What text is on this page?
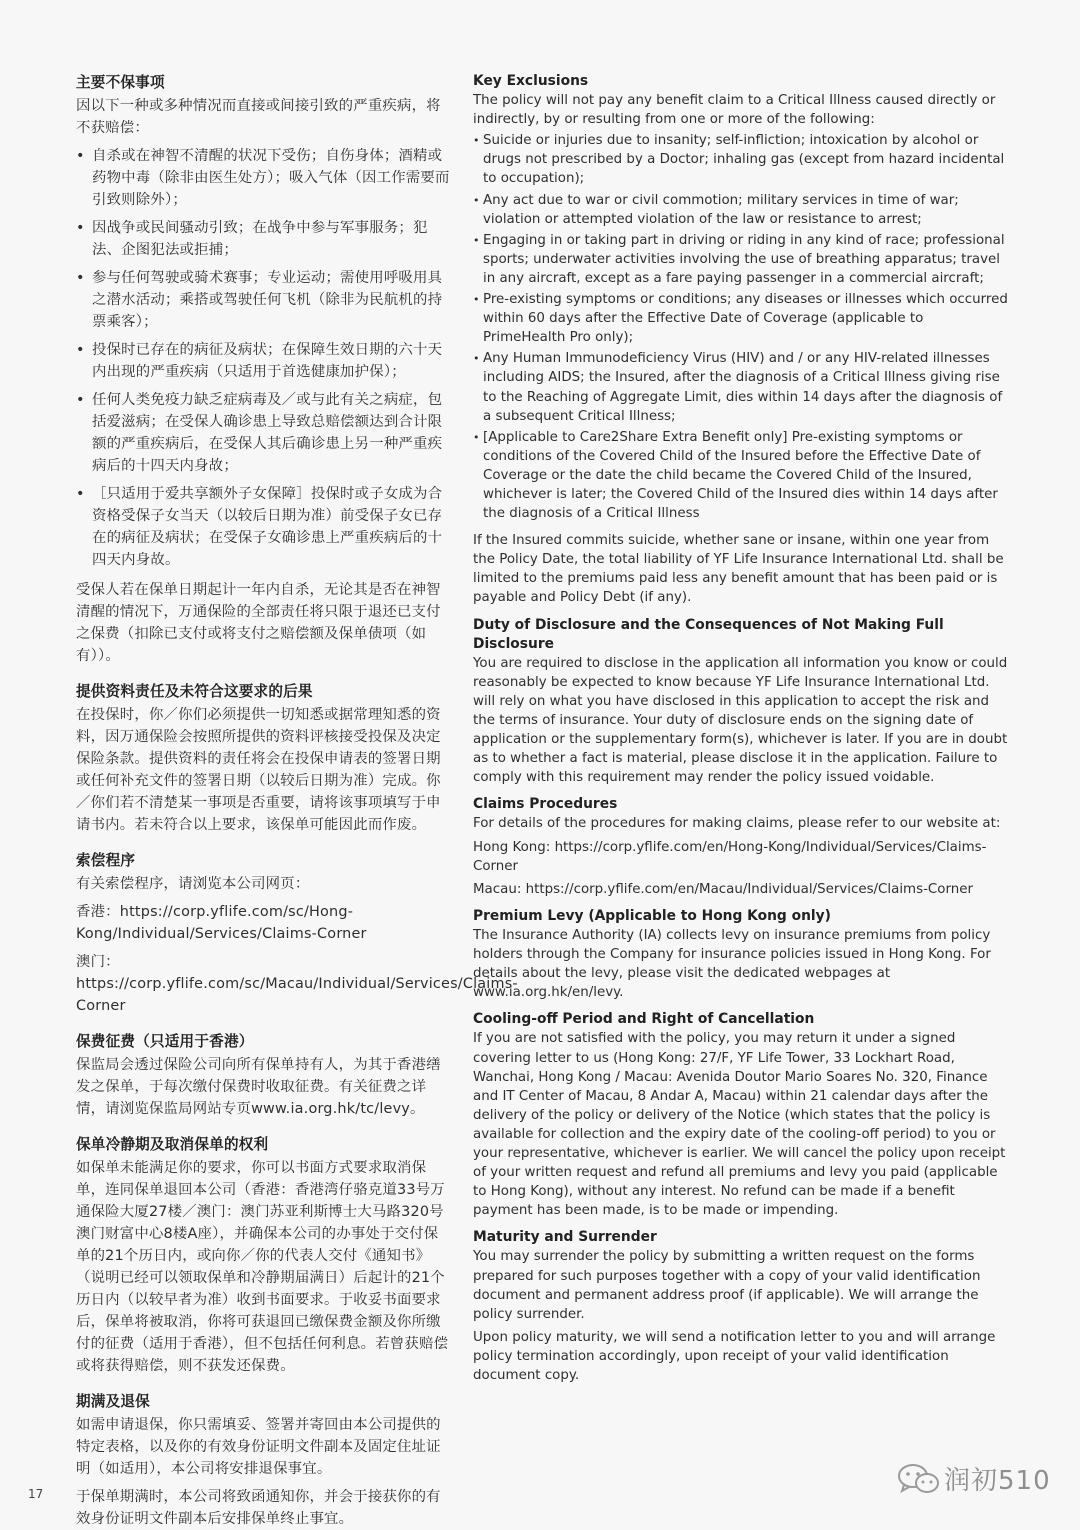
主要不保事项

因以下一种或多种情况而直接或间接引致的严重疾病，将不获赔偿：

• 自杀或在神智不清醒的状况下受伤；自伤身体；酒精或药物中毒（除非由医生处方）；吸入气体（因工作需要而引致则除外）；
• 因战争或民间骚动引致；在战争中参与军事服务；犯法、企图犯法或拒捕；
• 参与任何驾驶或骑术赛事；专业运动；需使用呼吸用具之潜水活动；乘搭或驾驶任何飞机（除非为民航机的持票乘客）；
• 投保时已存在的病征及病状；在保障生效日期的六十天内出现的严重疾病（只适用于首选健康加护保）；
• 任何人类免疫力缺乏症病毒及／或与此有关之病症，包括爱滋病；在受保人确诊患上导致总赔偿额达到合计限额的严重疾病后，在受保人其后确诊患上另一种严重疾病后的十四天内身故；
• ［只适用于爱共享额外子女保障］投保时或子女成为合资格受保子女当天（以较后日期为准）前受保子女已存在的病征及病状；在受保子女确诊患上严重疾病后的十四天内身故。

受保人若在保单日期起计一年内自杀，无论其是否在神智清醒的情况下，万通保险的全部责任将只限于退还已支付之保费（扣除已支付或将支付之赔偿额及保单债项（如有））。

提供资料责任及未符合这要求的后果

在投保时，你／你们必须提供一切知悉或据常理知悉的资料，因万通保险会按照所提供的资料评核接受投保及决定保险条款。提供资料的责任将会在投保申请表的签署日期或任何补充文件的签署日期（以较后日期为准）完成。你／你们若不清楚某一事项是否重要，请将该事项填写于申请书内。若未符合以上要求，该保单可能因此而作废。

索偿程序

有关索偿程序，请浏览本公司网页：

香港：https://corp.yflife.com/sc/Hong-Kong/Individual/Services/Claims-Corner

澳门：https://corp.yflife.com/sc/Macau/Individual/Services/Claims-Corner

保费征费（只适用于香港）

保监局会透过保险公司向所有保单持有人，为其于香港缮发之保单，于每次缴付保费时收取征费。有关征费之详情，请浏览保监局网站专页www.ia.org.hk/tc/levy。

保单冷静期及取消保单的权利

如保单未能满足你的要求，你可以书面方式要求取消保单，连同保单退回本公司（香港：香港湾仔骆克道33号万通保险大厦27楼／澳门：澳门苏亚利斯博士大马路320号澳门财富中心8楼A座），并确保本公司的办事处于交付保单的21个历日内，或向你／你的代表人交付《通知书》（说明已经可以领取保单和冷静期届满日）后起计的21个历日内（以较早者为准）收到书面要求。于收妥书面要求后，保单将被取消，你将可获退回已缴保费金额及你所缴付的征费（适用于香港），但不包括任何利息。若曾获赔偿或将获得赔偿，则不获发还保费。

期满及退保

如需申请退保，你只需填妥、签署并寄回由本公司提供的特定表格，以及你的有效身份证明文件副本及固定住址证明（如适用），本公司将安排退保事宜。

于保单期满时，本公司将致函通知你，并会于接获你的有效身份证明文件副本后安排保单终止事宜。

Key Exclusions

The policy will not pay any benefit claim to a Critical Illness caused directly or indirectly, by or resulting from one or more of the following:

• Suicide or injuries due to insanity; self-infliction; intoxication by alcohol or drugs not prescribed by a Doctor; inhaling gas (except from hazard incidental to occupation);
• Any act due to war or civil commotion; military services in time of war; violation or attempted violation of the law or resistance to arrest;
• Engaging in or taking part in driving or riding in any kind of race; professional sports; underwater activities involving the use of breathing apparatus; travel in any aircraft, except as a fare paying passenger in a commercial aircraft;
• Pre-existing symptoms or conditions; any diseases or illnesses which occurred within 60 days after the Effective Date of Coverage (applicable to PrimeHealth Pro only);
• Any Human Immunodeficiency Virus (HIV) and / or any HIV-related illnesses including AIDS; the Insured, after the diagnosis of a Critical Illness giving rise to the Reaching of Aggregate Limit, dies within 14 days after the diagnosis of a subsequent Critical Illness;
• [Applicable to Care2Share Extra Benefit only] Pre-existing symptoms or conditions of the Covered Child of the Insured before the Effective Date of Coverage or the date the child became the Covered Child of the Insured, whichever is later; the Covered Child of the Insured dies within 14 days after the diagnosis of a Critical Illness

If the Insured commits suicide, whether sane or insane, within one year from the Policy Date, the total liability of YF Life Insurance International Ltd. shall be limited to the premiums paid less any benefit amount that has been paid or is payable and Policy Debt (if any).

Duty of Disclosure and the Consequences of Not Making Full Disclosure

You are required to disclose in the application all information you know or could reasonably be expected to know because YF Life Insurance International Ltd. will rely on what you have disclosed in this application to accept the risk and the terms of insurance. Your duty of disclosure ends on the signing date of application or the supplementary form(s), whichever is later. If you are in doubt as to whether a fact is material, please disclose it in the application. Failure to comply with this requirement may render the policy issued voidable.

Claims Procedures

For details of the procedures for making claims, please refer to our website at:

Hong Kong: https://corp.yflife.com/en/Hong-Kong/Individual/Services/Claims-Corner

Macau: https://corp.yflife.com/en/Macau/Individual/Services/Claims-Corner

Premium Levy (Applicable to Hong Kong only)

The Insurance Authority (IA) collects levy on insurance premiums from policy holders through the Company for insurance policies issued in Hong Kong. For details about the levy, please visit the dedicated webpages at www.ia.org.hk/en/levy.

Cooling-off Period and Right of Cancellation

If you are not satisfied with the policy, you may return it under a signed covering letter to us (Hong Kong: 27/F, YF Life Tower, 33 Lockhart Road, Wanchai, Hong Kong / Macau: Avenida Doutor Mario Soares No. 320, Finance and IT Center of Macau, 8 Andar A, Macau) within 21 calendar days after the delivery of the policy or delivery of the Notice (which states that the policy is available for collection and the expiry date of the cooling-off period) to you or your representative, whichever is earlier. We will cancel the policy upon receipt of your written request and refund all premiums and levy you paid (applicable to Hong Kong), without any interest. No refund can be made if a benefit payment has been made, is to be made or impending.

Maturity and Surrender

You may surrender the policy by submitting a written request on the forms prepared for such purposes together with a copy of your valid identification document and permanent address proof (if applicable). We will arrange the policy surrender.

Upon policy maturity, we will send a notification letter to you and will arrange policy termination accordingly, upon receipt of your valid identification document copy.

17	润初510
